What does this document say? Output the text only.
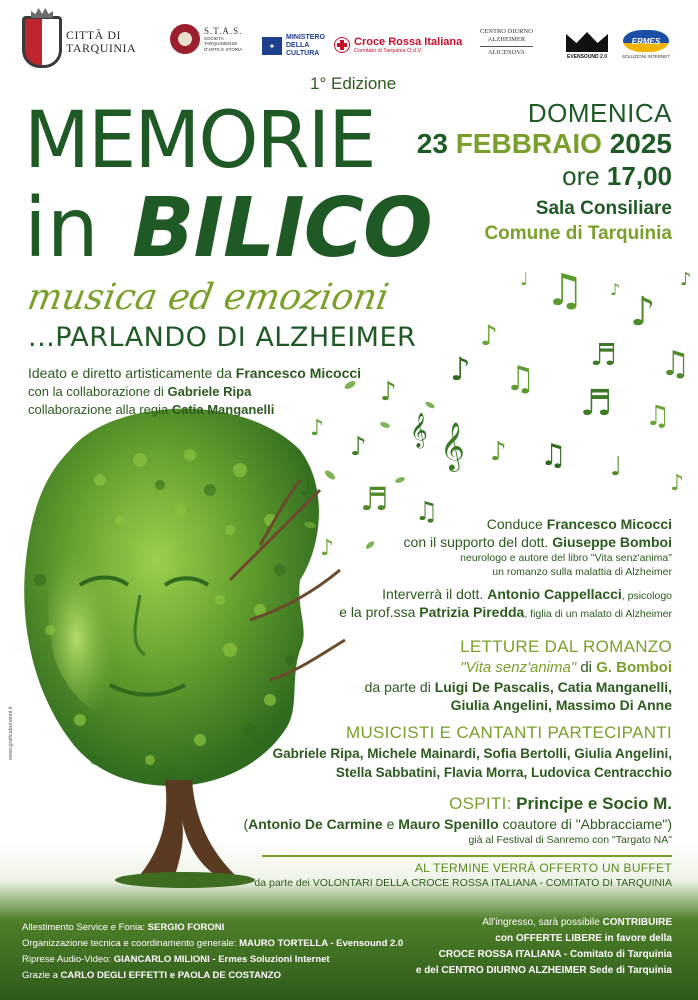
CITTÀ DI
TARQUINIA
S.T.A.S.
SOCIETÀ
TARQUINIENSE
D'ARTE E STORIA	✦
MINISTERO
DELLA
CULTURA
Croce Rossa Italiana
Comitato di Tarquinia O.d.V.
CENTRO DIURNO
ALZHEIMER
ALICENOVA
EVENSOUND 2.0
ERMES
SOLUZIONI INTERNET
♫ ♪
♪
♬ ♫
♪ ♫
♬ ♫
♪
𝄞 𝄞 ♪ ♫ ♩
♪
♪
♪
♩ ♬ ♫
♪
♩	♪	♪
1° Edizione
MEMORIE
in BILICO
musica ed emozioni
...PARLANDO DI ALZHEIMER
Ideato e diretto artisticamente da Francesco Micocci
con la collaborazione di Gabriele Ripa
collaborazione alla regia Catia Manganelli
DOMENICA
23 FEBBRAIO 2025
ore 17,00
Sala Consiliare
Comune di Tarquinia
Conduce Francesco Micocci
con il supporto del dott. Giuseppe Bomboi
neurologo e autore del libro "Vita senz'anima"
un romanzo sulla malattia di Alzheimer
Interverrà il dott. Antonio Cappellacci, psicologo
e la prof.ssa Patrizia Piredda, figlia di un malato di Alzheimer
LETTURE DAL ROMANZO
"Vita senz'anima" di G. Bomboi
da parte di Luigi De Pascalis, Catia Manganelli,
Giulia Angelini, Massimo Di Anne
MUSICISTI E CANTANTI PARTECIPANTI
Gabriele Ripa, Michele Mainardi, Sofia Bertolli, Giulia Angelini,
Stella Sabbatini, Flavia Morra, Ludovica Centracchio
OSPITI: Principe e Socio M.
(Antonio De Carmine e Mauro Spenillo coautore di "Abbracciame")
già al Festival di Sanremo con "Targato NA"
AL TERMINE VERRÀ OFFERTO UN BUFFET
da parte dei VOLONTARI DELLA CROCE ROSSA ITALIANA - COMITATO DI TARQUINIA
www.graficabonanni.it
Allestimento Service e Fonia: SERGIO FORONI
Organizzazione tecnica e coordinamento generale: MAURO TORTELLA - Evensound 2.0
Riprese Audio-Video: GIANCARLO MILIONI - Ermes Soluzioni Internet
Grazie a CARLO DEGLI EFFETTI e PAOLA DE COSTANZO
All'ingresso, sarà possibile CONTRIBUIRE
con OFFERTE LIBERE in favore della
CROCE ROSSA ITALIANA - Comitato di Tarquinia
e del CENTRO DIURNO ALZHEIMER Sede di Tarquinia
